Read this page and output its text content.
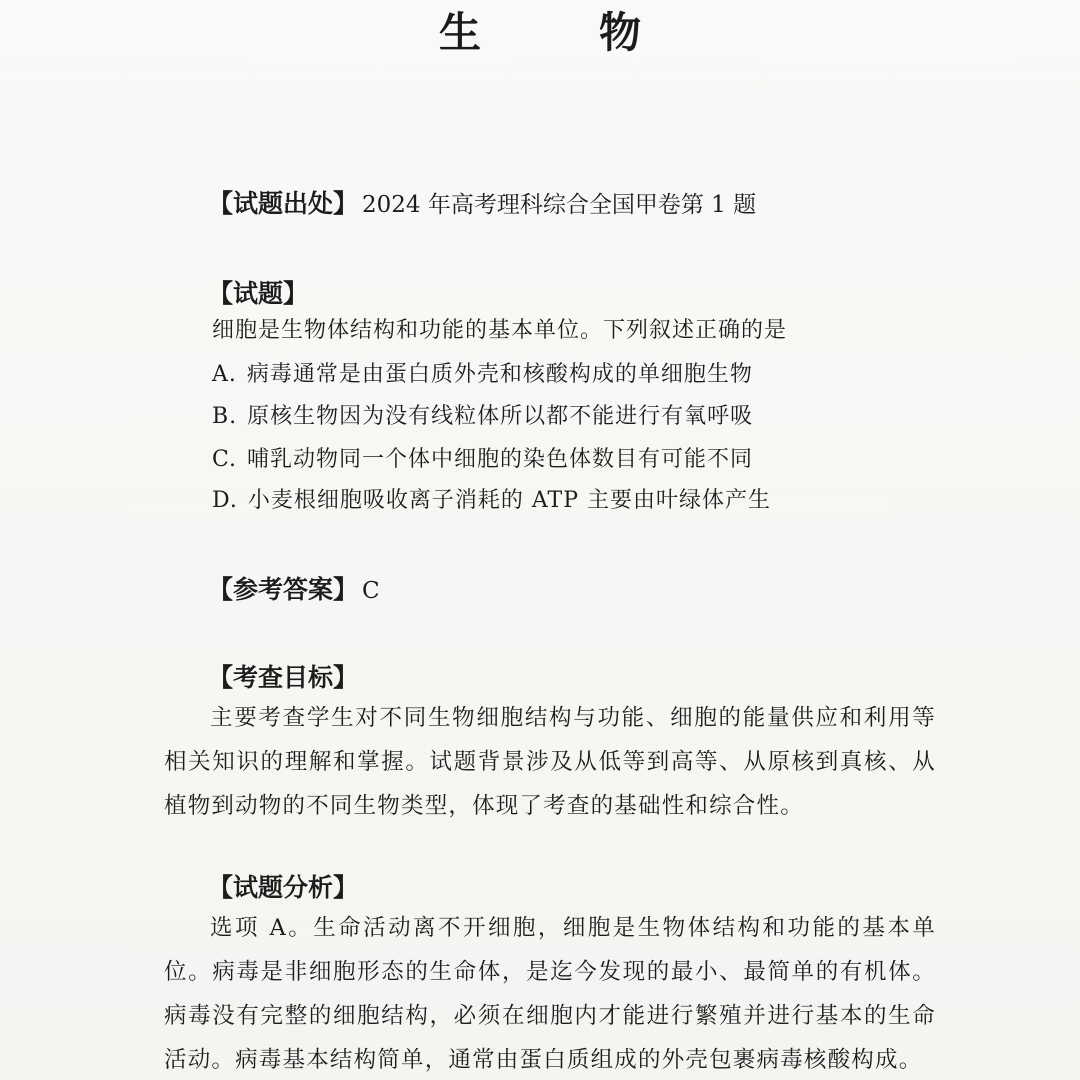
生　物
【试题出处】 2024 年高考理科综合全国甲卷第 1 题
【试题】
细胞是生物体结构和功能的基本单位。下列叙述正确的是
A. 病毒通常是由蛋白质外壳和核酸构成的单细胞生物
B. 原核生物因为没有线粒体所以都不能进行有氧呼吸
C. 哺乳动物同一个体中细胞的染色体数目有可能不同
D. 小麦根细胞吸收离子消耗的 ATP 主要由叶绿体产生
【参考答案】 C
【考查目标】

主要考查学生对不同生物细胞结构与功能、细胞的能量供应和利用等相关知识的理解和掌握。试题背景涉及从低等到高等、从原核到真核、从植物到动物的不同生物类型，体现了考查的基础性和综合性。

【试题分析】

选项 A。生命活动离不开细胞，细胞是生物体结构和功能的基本单位。病毒是非细胞形态的生命体，是迄今发现的最小、最简单的有机体。病毒没有完整的细胞结构，必须在细胞内才能进行繁殖并进行基本的生命活动。病毒基本结构简单，通常由蛋白质组成的外壳包裹病毒核酸构成。
